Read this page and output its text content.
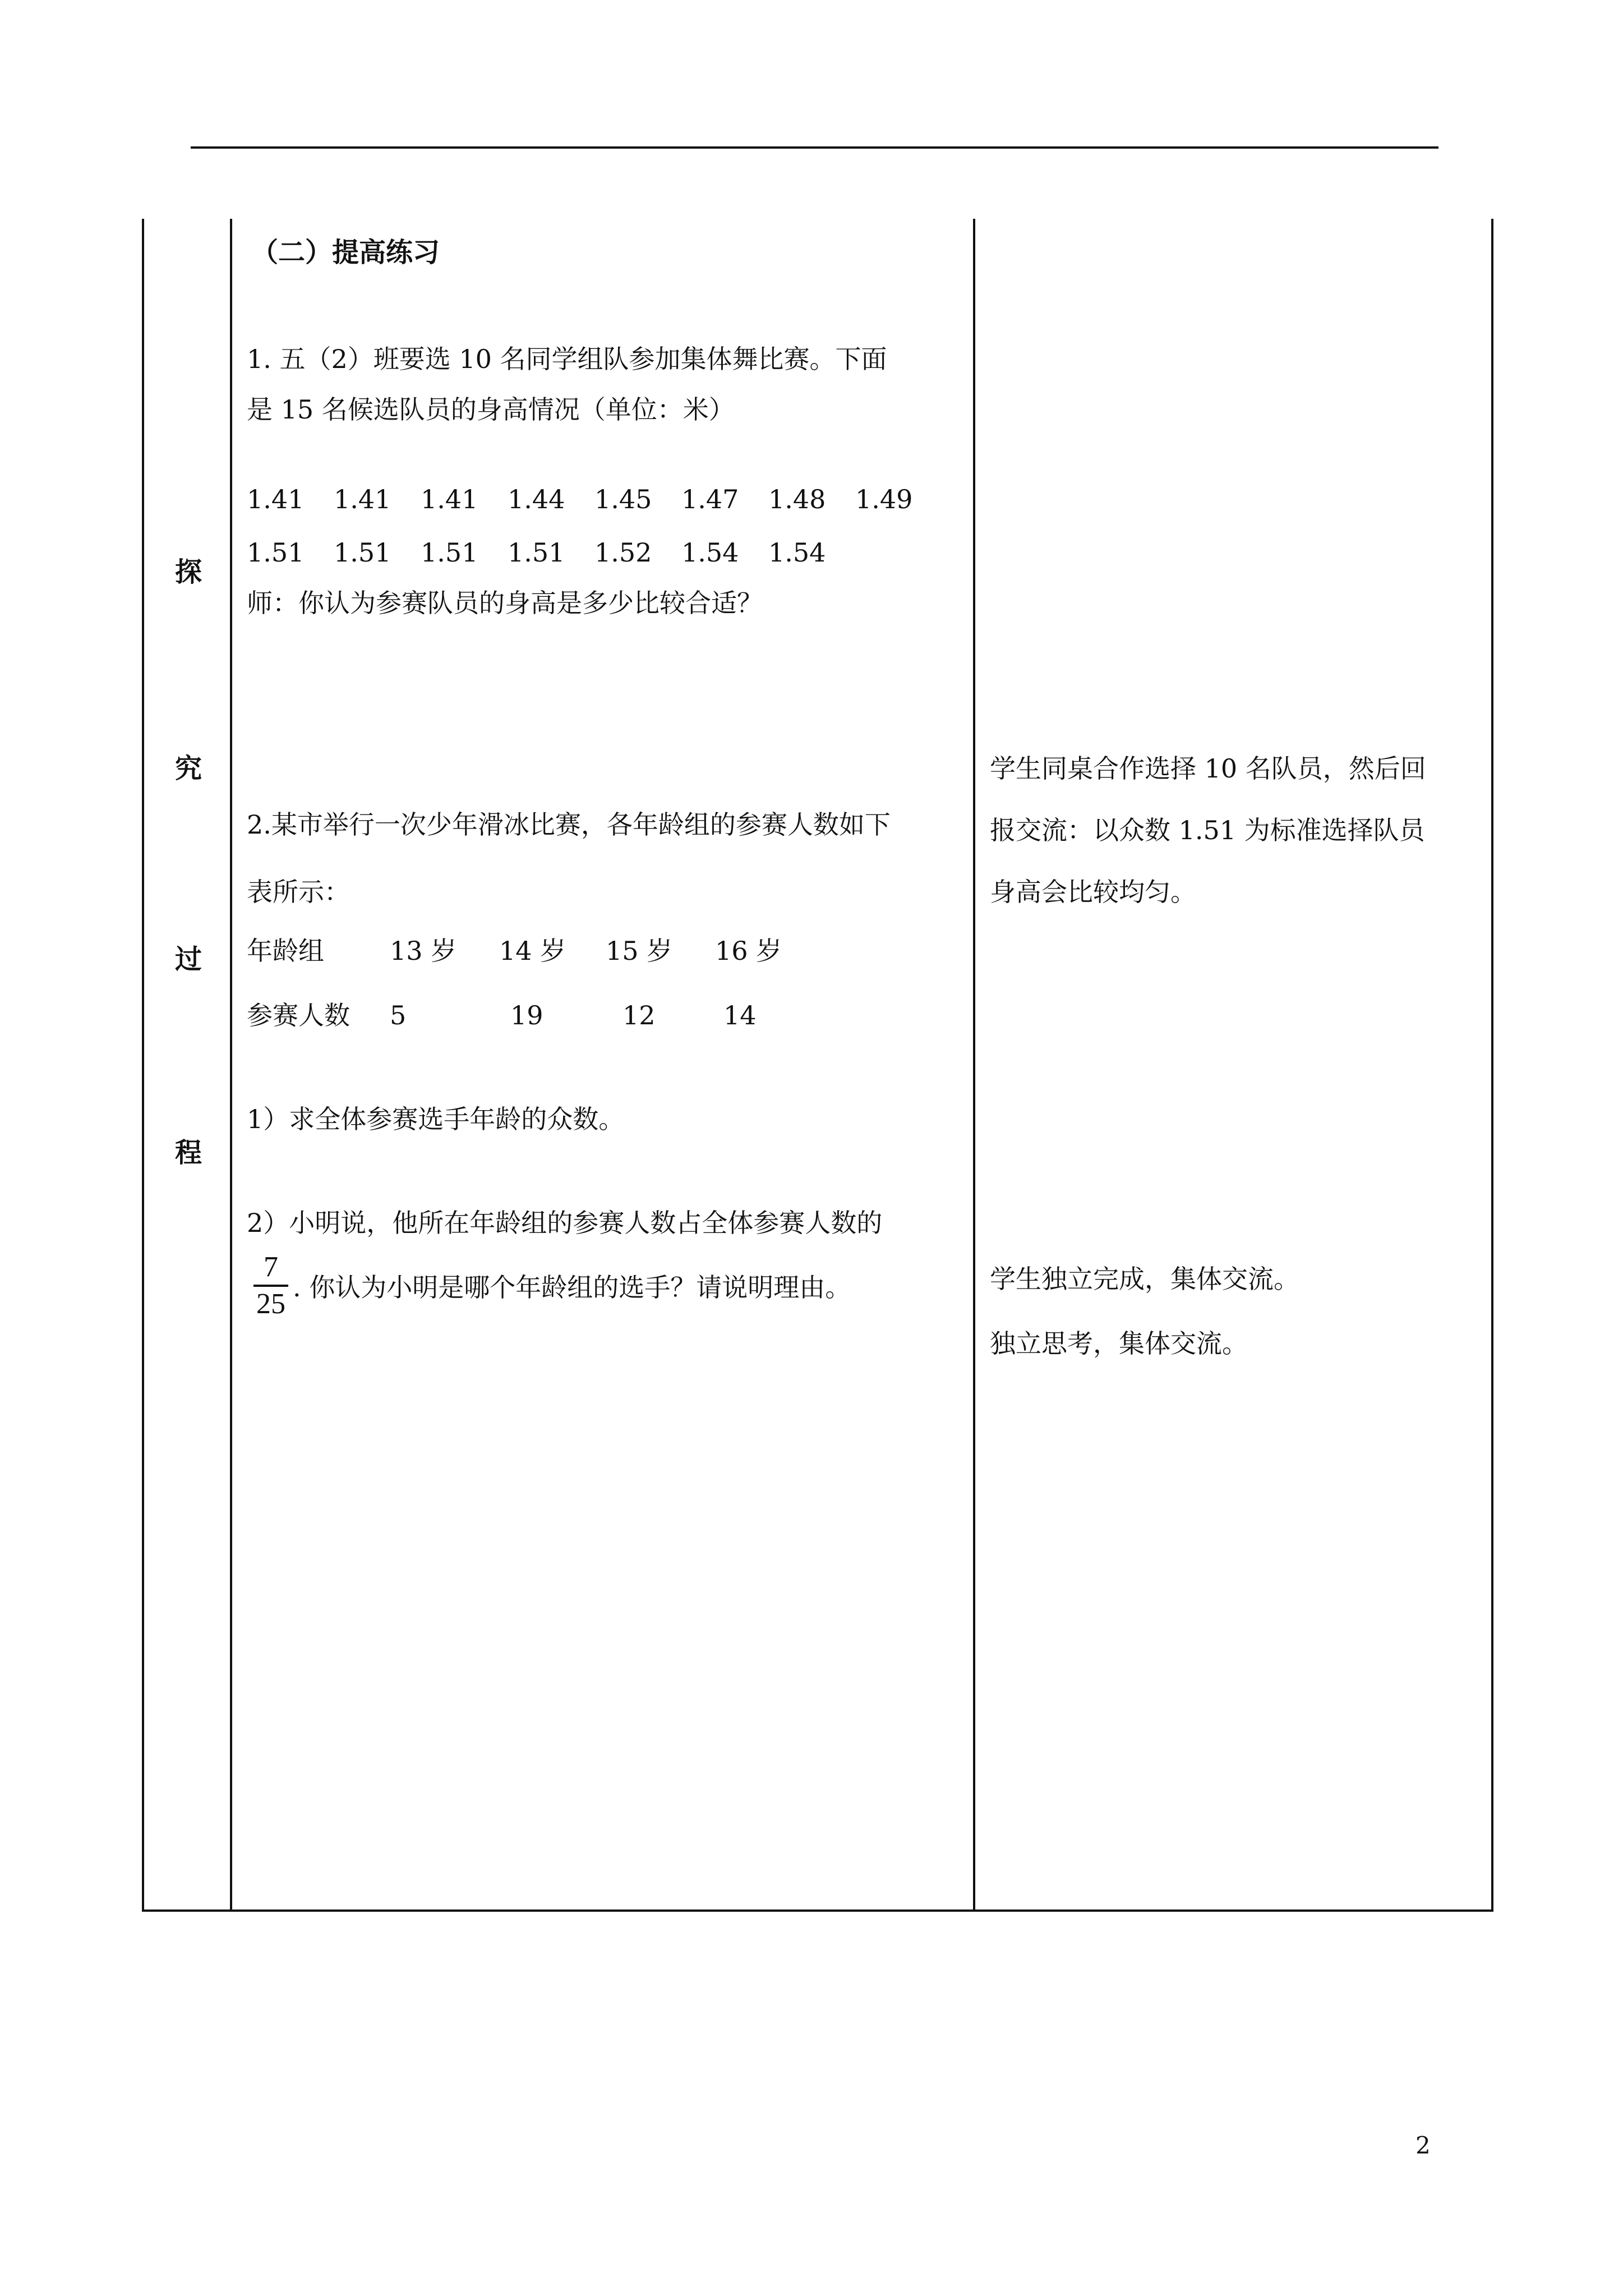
探
究
过
程
（二）提高练习
1. 五（2）班要选 10 名同学组队参加集体舞比赛。下面
是 15 名候选队员的身高情况（单位：米）
1.41 1.41 1.41 1.44 1.45 1.47 1.48 1.49
1.51 1.51 1.51 1.51 1.52 1.54 1.54
师：你认为参赛队员的身高是多少比较合适？
2.某市举行一次少年滑冰比赛，各年龄组的参赛人数如下
表所示：
年龄组	13 岁 14 岁 15 岁 16 岁
参赛人数 5	19	12	14
1）求全体参赛选手年龄的众数。
2）小明说，他所在年龄组的参赛人数占全体参赛人数的
7
25
. 你认为小明是哪个年龄组的选手？请说明理由。
学生同桌合作选择 10 名队员，然后回
报交流：以众数 1.51 为标准选择队员
身高会比较均匀。
学生独立完成，集体交流。
独立思考，集体交流。
2
